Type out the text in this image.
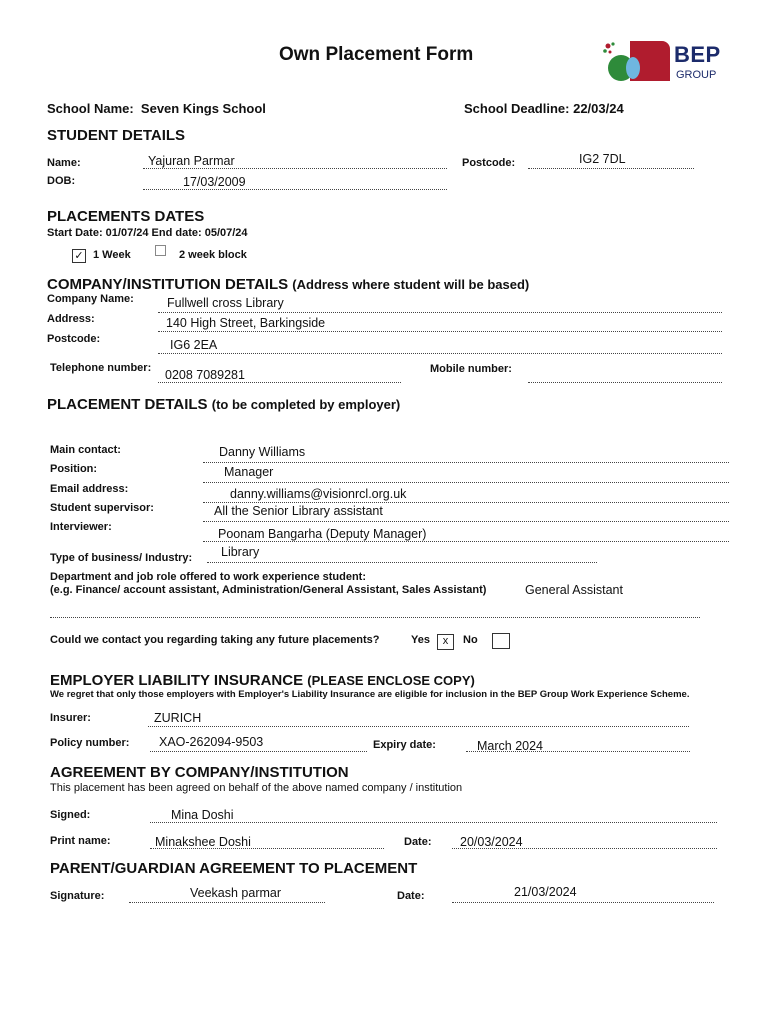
Own Placement Form	BEP
GROUP
School Name: Seven Kings School	School Deadline: 22/03/24
STUDENT DETAILS
Name:	Yajuran Parmar	Postcode:	IG2 7DL
DOB:	17/03/2009
PLACEMENTS DATES
Start Date: 01/07/24 End date: 05/07/24
✓ 1 Week	2 week block
COMPANY/INSTITUTION DETAILS (Address where student will be based)
Company Name:	Fullwell cross Library
Address:	140 High Street, Barkingside
Postcode:	IG6 2EA
Telephone number: 0208 7089281	Mobile number:
PLACEMENT DETAILS (to be completed by employer)
Main contact:	Danny Williams
Position:	Manager
Email address:	danny.williams@visionrcl.org.uk
Student supervisor:	All the Senior Library assistant
Interviewer:	Poonam Bangarha (Deputy Manager)
Type of business/ Industry: Library
Department and job role offered to work experience student:
(e.g. Finance/ account assistant, Administration/General Assistant, Sales Assistant)	General Assistant
Could we contact you regarding taking any future placements?	Yes	x	No
EMPLOYER LIABILITY INSURANCE (PLEASE ENCLOSE COPY)
We regret that only those employers with Employer's Liability Insurance are eligible for inclusion in the BEP Group Work Experience Scheme.
Insurer:	ZURICH
Policy number: XAO-262094-9503	Expiry date:	March 2024
AGREEMENT BY COMPANY/INSTITUTION
This placement has been agreed on behalf of the above named company / institution
Signed:	Mina Doshi
Print name:	Minakshee Doshi	Date: 20/03/2024
PARENT/GUARDIAN AGREEMENT TO PLACEMENT
Signature:	Veekash parmar	Date:	21/03/2024
